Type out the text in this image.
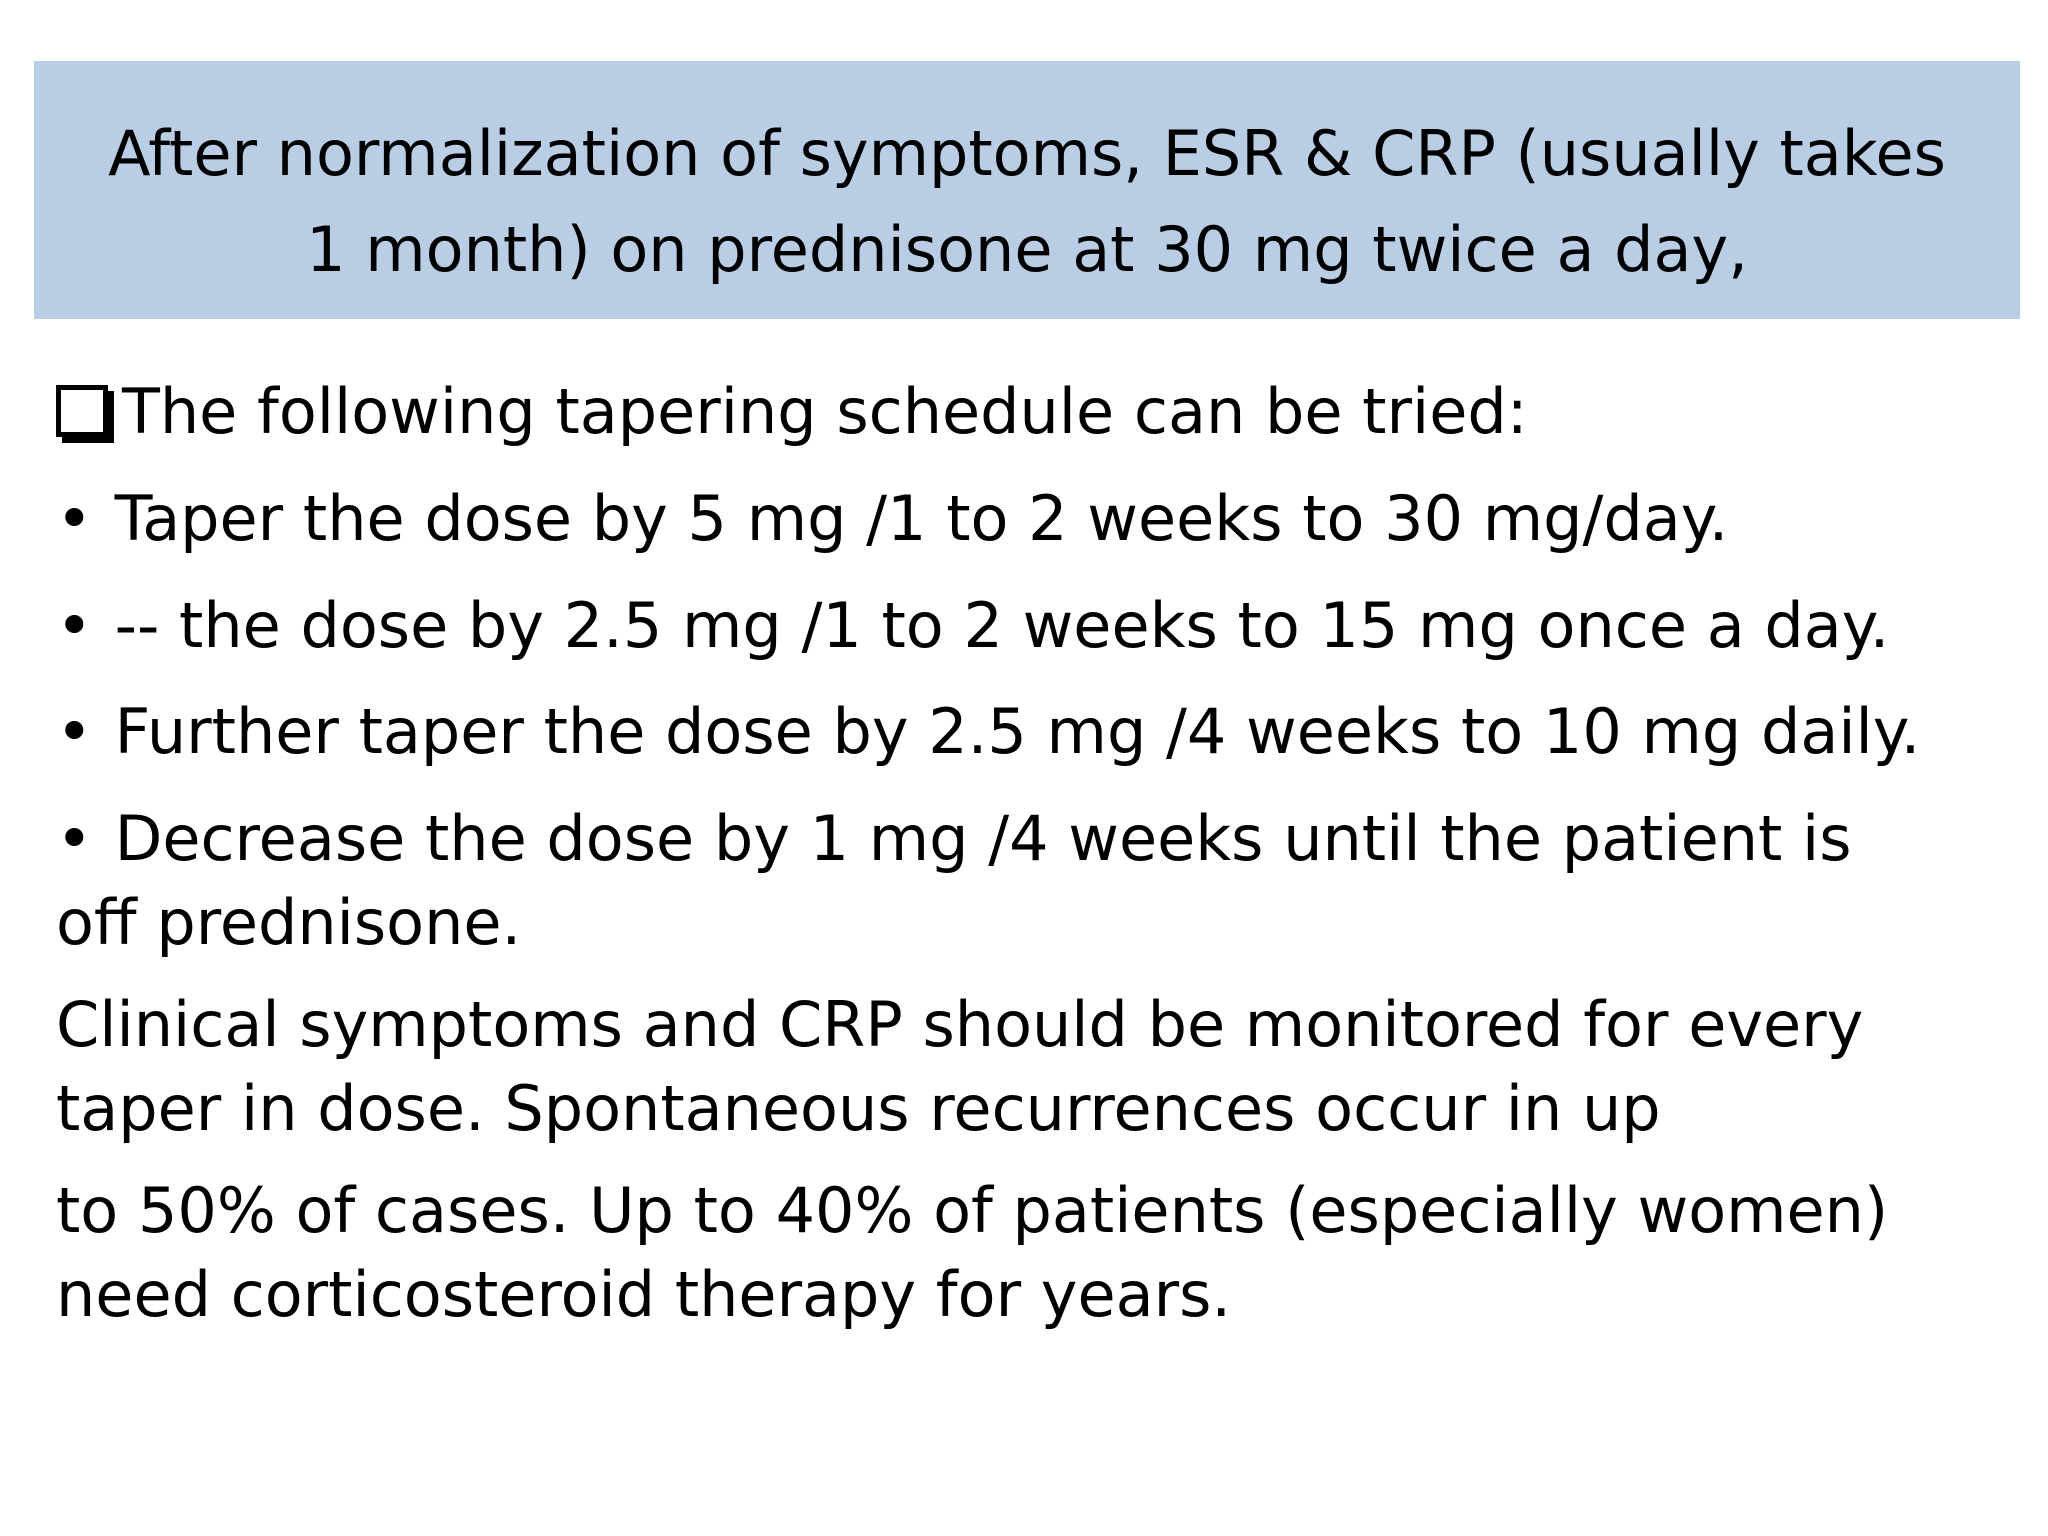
After normalization of symptoms, ESR & CRP (usually takes
1 month) on prednisone at 30 mg twice a day,
The following tapering schedule can be tried:
• Taper the dose by 5 mg /1 to 2 weeks to 30 mg/day.
• -- the dose by 2.5 mg /1 to 2 weeks to 15 mg once a day.
• Further taper the dose by 2.5 mg /4 weeks to 10 mg daily.
• Decrease the dose by 1 mg /4 weeks until the patient is
off prednisone.
Clinical symptoms and CRP should be monitored for every
taper in dose. Spontaneous recurrences occur in up
to 50% of cases. Up to 40% of patients (especially women)
need corticosteroid therapy for years.
